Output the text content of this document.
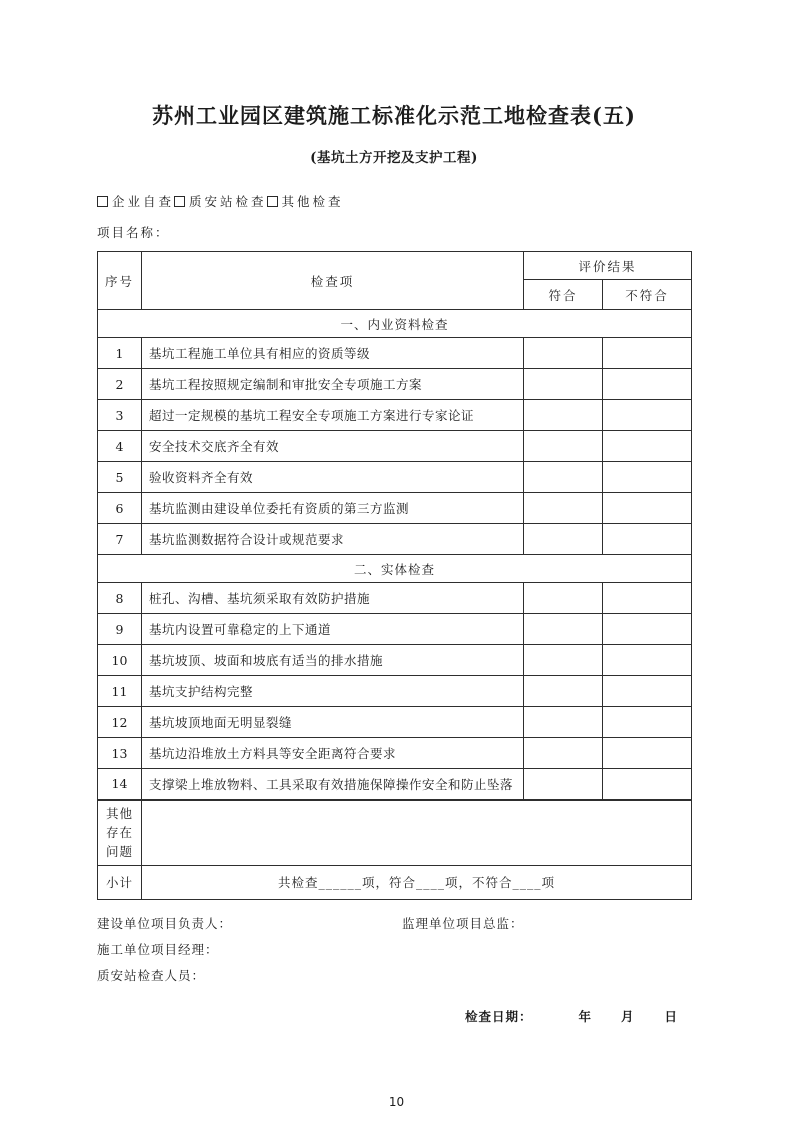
苏州工业园区建筑施工标准化示范工地检查表(五)
(基坑土方开挖及支护工程)
企业自查 质安站检查 其他检查
项目名称：
序号	检查项	评价结果	
		符合	不符合
一、内业资料检查			
1	基坑工程施工单位具有相应的资质等级		
2	基坑工程按照规定编制和审批安全专项施工方案		
3	超过一定规模的基坑工程安全专项施工方案进行专家论证		
4	安全技术交底齐全有效		
5	验收资料齐全有效		
6	基坑监测由建设单位委托有资质的第三方监测		
7	基坑监测数据符合设计或规范要求		
二、实体检查			
8	桩孔、沟槽、基坑须采取有效防护措施		
9	基坑内设置可靠稳定的上下通道		
10	基坑坡顶、坡面和坡底有适当的排水措施		
11	基坑支护结构完整		
12	基坑坡顶地面无明显裂缝		
13	基坑边沿堆放土方料具等安全距离符合要求		
14	支撑梁上堆放物料、工具采取有效措施保障操作安全和防止坠落		
其他存在问题			
小计	共检查______项，符合____项，不符合____项		
建设单位项目负责人：	监理单位项目总监：
施工单位项目经理：
质安站检查人员：
检查日期：	年 月 日
10
